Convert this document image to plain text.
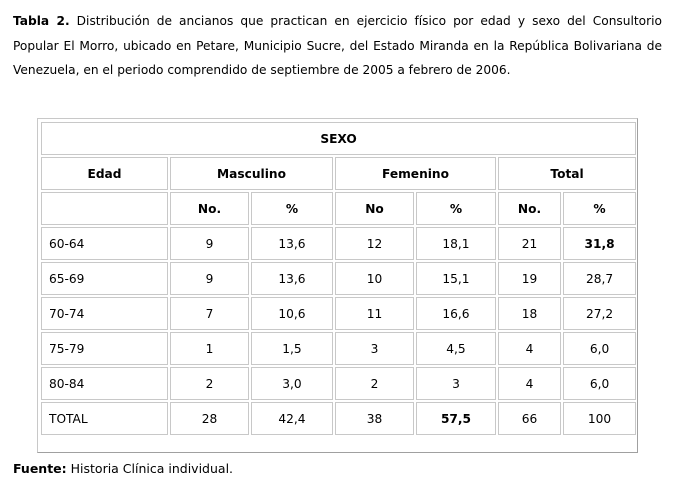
Tabla 2. Distribución de ancianos que practican en ejercicio físico por edad y sexo del Consultorio Popular El Morro, ubicado en Petare, Municipio Sucre, del Estado Miranda en la República Bolivariana de Venezuela, en el periodo comprendido de septiembre de 2005 a febrero de 2006.
SEXO						
Edad	Masculino		Femenino		Total	
	No.	%	No	%	No.	%
60-64	9	13,6	12	18,1	21	31,8
65-69	9	13,6	10	15,1	19	28,7
70-74	7	10,6	11	16,6	18	27,2
75-79	1	1,5	3	4,5	4	6,0
80-84	2	3,0	2	3	4	6,0
TOTAL	28	42,4	38	57,5	66	100
Fuente: Historia Clínica individual.
